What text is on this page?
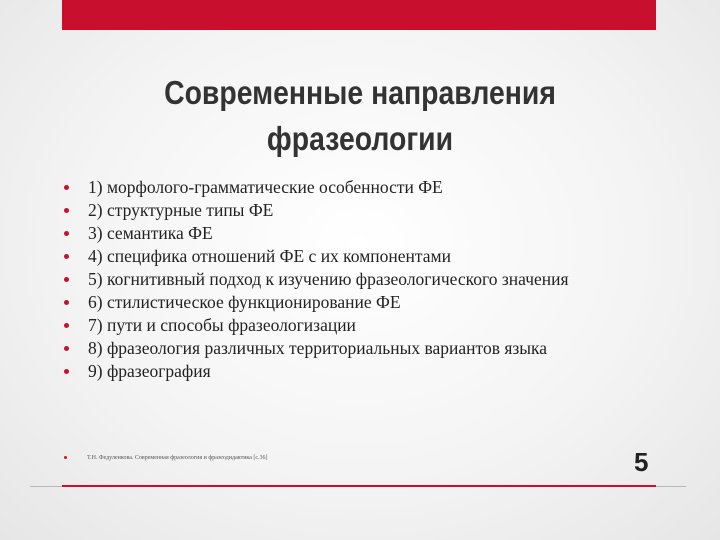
Современные направления
фразеологии
1) морфолого-грамматические особенности ФЕ
2) структурные типы ФЕ
3) семантика ФЕ
4) специфика отношений ФЕ с их компонентами
5) когнитивный подход к изучению фразеологического значения
6) стилистическое функционирование ФЕ
7) пути и способы фразеологизации
8) фразеология различных территориальных вариантов языка
9) фразеография
Т.Н. Федуленкова. Современная фразеология и фразеодидактика [с.36]	5
